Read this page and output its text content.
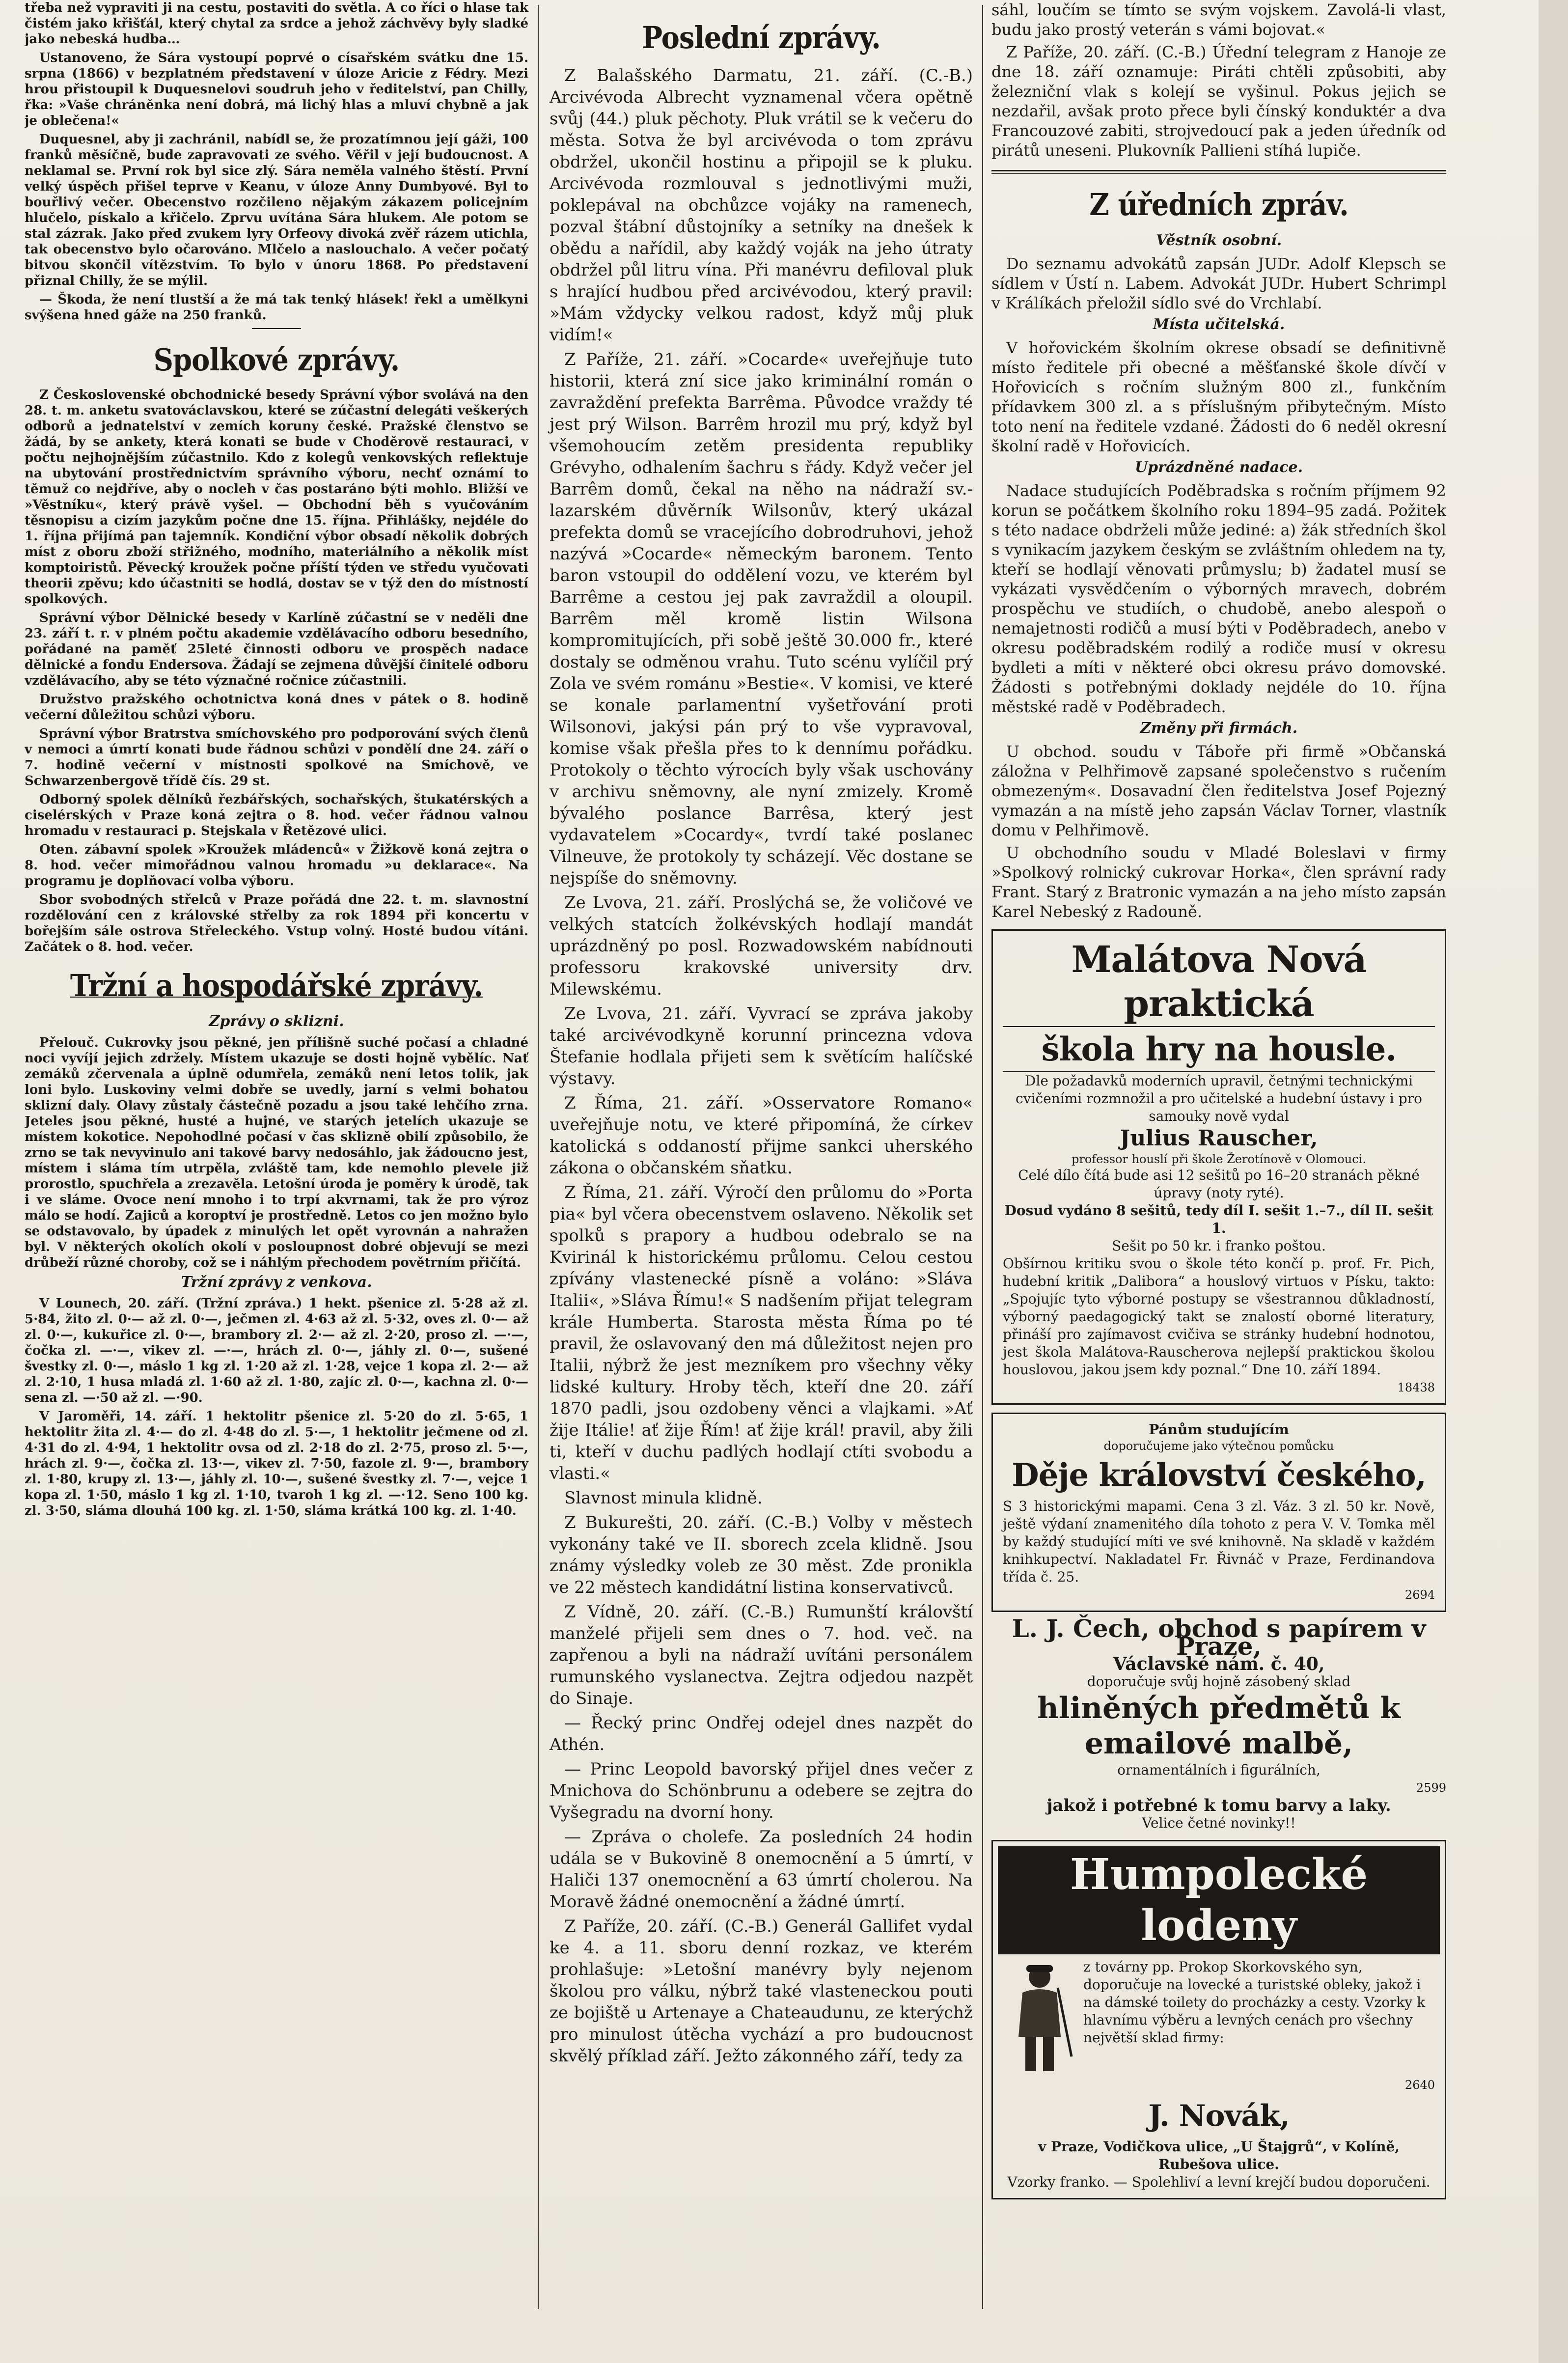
třeba než vypraviti ji na cestu, postaviti do světla. A co říci o hlase tak čistém jako křišťál, který chytal za srdce a jehož záchvěvy byly sladké jako nebeská hudba…

Ustanoveno, že Sára vystoupí poprvé o císařském svátku dne 15. srpna (1866) v bezplatném představení v úloze Aricie z Fédry. Mezi hrou přistoupil k Duquesnelovi soudruh jeho v ředitelství, pan Chilly, řka: »Vaše chráněnka není dobrá, má lichý hlas a mluví chybně a jak je oblečena!«

Duquesnel, aby ji zachránil, nabídl se, že prozatímnou její gáži, 100 franků měsíčně, bude zapravovati ze svého. Věřil v její budoucnost. A neklamal se. První rok byl sice zlý. Sára neměla valného štěstí. První velký úspěch přišel teprve v Keanu, v úloze Anny Dumbyové. Byl to bouřlivý večer. Obecenstvo rozčileno nějakým zákazem policejním hlučelo, pískalo a křičelo. Zprvu uvítána Sára hlukem. Ale potom se stal zázrak. Jako před zvukem lyry Orfeovy divoká zvěř rázem utichla, tak obecenstvo bylo očarováno. Mlčelo a naslouchalo. A večer počatý bitvou skončil vítězstvím. To bylo v únoru 1868. Po představení přiznal Chilly, že se mýlil.

— Škoda, že není tlustší a že má tak tenký hlásek! řekl a umělkyni svýšena hned gáže na 250 franků.

Spolkové zprávy.

Z Československé obchodnické besedy Správní výbor svolává na den 28. t. m. anketu svatováclavskou, které se zúčastní delegáti veškerých odborů a jednatelství v zemích koruny české. Pražské členstvo se žádá, by se ankety, která konati se bude v Choděrově restauraci, v počtu nejhojnějším zúčastnilo. Kdo z kolegů venkovských reflektuje na ubytování prostřednictvím správního výboru, nechť oznámí to těmuž co nejdříve, aby o nocleh v čas postaráno býti mohlo. Bližší ve »Věstníku«, který právě vyšel. — Obchodní běh s vyučováním těsnopisu a cizím jazykům počne dne 15. října. Přihlášky, nejdéle do 1. října přijímá pan tajemník. Kondiční výbor obsadí několik dobrých míst z oboru zboží střižného, modního, materiálního a několik míst komptoiristů. Pěvecký kroužek počne příští týden ve středu vyučovati theorii zpěvu; kdo účastniti se hodlá, dostav se v týž den do místností spolkových.

Správní výbor Dělnické besedy v Karlíně zúčastní se v neděli dne 23. září t. r. v plném počtu akademie vzdělávacího odboru besedního, pořádané na paměť 25leté činnosti odboru ve prospěch nadace dělnické a fondu Endersova. Žádají se zejmena důvější činitelé odboru vzdělávacího, aby se této význačné ročnice zúčastnili.

Družstvo pražského ochotnictva koná dnes v pátek o 8. hodině večerní důležitou schůzi výboru.

Správní výbor Bratrstva smíchovského pro podporování svých členů v nemoci a úmrtí konati bude řádnou schůzi v pondělí dne 24. září o 7. hodině večerní v místnosti spolkové na Smíchově, ve Schwarzenbergově třídě čís. 29 st.

Odborný spolek dělníků řezbářských, sochařských, štukatérských a ciselérských v Praze koná zejtra o 8. hod. večer řádnou valnou hromadu v restauraci p. Stejskala v Řetězové ulici.

Oten. zábavní spolek »Kroužek mládenců« v Žižkově koná zejtra o 8. hod. večer mimořádnou valnou hromadu »u deklarace«. Na programu je doplňovací volba výboru.

Sbor svobodných střelců v Praze pořádá dne 22. t. m. slavnostní rozdělování cen z královské střelby za rok 1894 při koncertu v bořejším sále ostrova Střeleckého. Vstup volný. Hosté budou vítáni. Začátek o 8. hod. večer.

Tržní a hospodářské zprávy.
Zprávy o sklizni.

Přelouč. Cukrovky jsou pěkné, jen přílišně suché počasí a chladné noci vyvíjí jejich zdržely. Místem ukazuje se dosti hojně vybělíc. Nať zemáků zčervenala a úplně odumřela, zemáků není letos tolik, jak loni bylo. Luskoviny velmi dobře se uvedly, jarní s velmi bohatou sklizní daly. Olavy zůstaly částečně pozadu a jsou také lehčího zrna. Jeteles jsou pěkné, husté a hujné, ve starých jetelích ukazuje se místem kokotice. Nepohodlné počasí v čas sklizně obilí způsobilo, že zrno se tak nevyvinulo ani takové barvy nedosáhlo, jak žádoucno jest, místem i sláma tím utrpěla, zvláště tam, kde nemohlo plevele již prorostlo, spuchřela a zrezavěla. Letošní úroda je poměry k úrodě, tak i ve sláme. Ovoce není mnoho i to trpí akvrnami, tak že pro výroz málo se hodí. Zajiců a koroptví je prostředně. Letos co jen možno bylo se odstavovalo, by úpadek z minulých let opět vyrovnán a nahražen byl. V některých okolích okolí v posloupnost dobré objevují se mezi drůbeží různé choroby, což se i náhlým přechodem povětrním přičítá.

Tržní zprávy z venkova.

V Lounech, 20. září. (Tržní zpráva.) 1 hekt. pšenice zl. 5·28 až zl. 5·84, žito zl. 0·— až zl. 0·—, ječmen zl. 4·63 až zl. 5·32, oves zl. 0·— až zl. 0·—, kukuřice zl. 0·—, brambory zl. 2·— až zl. 2·20, proso zl. —·—, čočka zl. —·—, vikev zl. —·—, hrách zl. 0·—, jáhly zl. 0·—, sušené švestky zl. 0·—, máslo 1 kg zl. 1·20 až zl. 1·28, vejce 1 kopa zl. 2·— až zl. 2·10, 1 husa mladá zl. 1·60 až zl. 1·80, zajíc zl. 0·—, kachna zl. 0·— sena zl. —·50 až zl. —·90.

V Jaroměři, 14. září. 1 hektolitr pšenice zl. 5·20 do zl. 5·65, 1 hektolitr žita zl. 4·— do zl. 4·48 do zl. 5·—, 1 hektolitr ječmene od zl. 4·31 do zl. 4·94, 1 hektolitr ovsa od zl. 2·18 do zl. 2·75, proso zl. 5·—, hrách zl. 9·—, čočka zl. 13·—, vikev zl. 7·50, fazole zl. 9·—, brambory zl. 1·80, krupy zl. 13·—, jáhly zl. 10·—, sušené švestky zl. 7·—, vejce 1 kopa zl. 1·50, máslo 1 kg zl. 1·10, tvaroh 1 kg zl. —·12. Seno 100 kg. zl. 3·50, sláma dlouhá 100 kg. zl. 1·50, sláma krátká 100 kg. zl. 1·40.

Poslední zprávy.

Z Balašského Darmatu, 21. září. (C.-B.) Arcivévoda Albrecht vyznamenal včera opětně svůj (44.) pluk pěchoty. Pluk vrátil se k večeru do města. Sotva že byl arcivévoda o tom zprávu obdržel, ukončil hostinu a připojil se k pluku. Arcivévoda rozmlouval s jednotlivými muži, poklepával na obchůzce vojáky na ramenech, pozval štábní důstojníky a setníky na dnešek k obědu a nařídil, aby každý voják na jeho útraty obdržel půl litru vína. Při manévru defiloval pluk s hrající hudbou před arcivévodou, který pravil: »Mám vždycky velkou radost, když můj pluk vidím!«

Z Paříže, 21. září. »Cocarde« uveřejňuje tuto historii, která zní sice jako kriminální román o zavraždění prefekta Barrêma. Původce vraždy té jest prý Wilson. Barrêm hrozil mu prý, když byl všemohoucím zetěm presidenta republiky Grévyho, odhalením šachru s řády. Když večer jel Barrêm domů, čekal na něho na nádraží sv.-lazarském důvěrník Wilsonův, který ukázal prefekta domů se vracejícího dobrodruhovi, jehož nazývá »Cocarde« německým baronem. Tento baron vstoupil do oddělení vozu, ve kterém byl Barrême a cestou jej pak zavraždil a oloupil. Barrêm měl kromě listin Wilsona kompromitujících, při sobě ještě 30.000 fr., které dostaly se odměnou vrahu. Tuto scénu vylíčil prý Zola ve svém románu »Bestie«. V komisi, ve které se konale parlamentní vyšetřování proti Wilsonovi, jakýsi pán prý to vše vypravoval, komise však přešla přes to k dennímu pořádku. Protokoly o těchto výrocích byly však uschovány v archivu sněmovny, ale nyní zmizely. Kromě bývalého poslance Barrêsa, který jest vydavatelem »Cocardy«, tvrdí také poslanec Vilneuve, že protokoly ty scházejí. Věc dostane se nejspíše do sněmovny.

Ze Lvova, 21. září. Proslýchá se, že voličové ve velkých statcích žolkévských hodlají mandát uprázdněný po posl. Rozwadowském nabídnouti professoru krakovské university drv. Milewskému.

Ze Lvova, 21. září. Vyvrací se zpráva jakoby také arcivévodkyně korunní princezna vdova Štefanie hodlala přijeti sem k světícím halíčské výstavy.

Z Říma, 21. září. »Osservatore Romano« uveřejňuje notu, ve které připomíná, že církev katolická s oddaností přijme sankci uherského zákona o občanském sňatku.

Z Říma, 21. září. Výročí den průlomu do »Porta pia« byl včera obecenstvem oslaveno. Několik set spolků s prapory a hudbou odebralo se na Kvirinál k historickému průlomu. Celou cestou zpívány vlastenecké písně a voláno: »Sláva Italii«, »Sláva Římu!« S nadšením přijat telegram krále Humberta. Starosta města Říma po té pravil, že oslavovaný den má důležitost nejen pro Italii, nýbrž že jest mezníkem pro všechny věky lidské kultury. Hroby těch, kteří dne 20. září 1870 padli, jsou ozdobeny věnci a vlajkami. »Ať žije Itálie! ať žije Řím! ať žije král! pravil, aby žili ti, kteří v duchu padlých hodlají ctíti svobodu a vlasti.«

Slavnost minula klidně.

Z Bukurešti, 20. září. (C.-B.) Volby v městech vykonány také ve II. sborech zcela klidně. Jsou známy výsledky voleb ze 30 měst. Zde pronikla ve 22 městech kandidátní listina konservativců.

Z Vídně, 20. září. (C.-B.) Rumunští královští manželé přijeli sem dnes o 7. hod. več. na zapřenou a byli na nádraží uvítáni personálem rumunského vyslanectva. Zejtra odjedou nazpět do Sinaje.

— Řecký princ Ondřej odejel dnes nazpět do Athén.

— Princ Leopold bavorský přijel dnes večer z Mnichova do Schönbrunu a odebere se zejtra do Vyšegradu na dvorní hony.

— Zpráva o cholefe. Za posledních 24 hodin udála se v Bukovině 8 onemocnění a 5 úmrtí, v Haliči 137 onemocnění a 63 úmrtí cholerou. Na Moravě žádné onemocnění a žádné úmrtí.

Z Paříže, 20. září. (C.-B.) Generál Gallifet vydal ke 4. a 11. sboru denní rozkaz, ve kterém prohlašuje: »Letošní manévry byly nejenom školou pro válku, nýbrž také vlasteneckou pouti ze bojiště u Artenaye a Chateaudunu, ze kterýchž pro minulost útěcha vychází a pro budoucnost skvělý příklad září. Ježto zákonného září, tedy za

sáhl, loučím se tímto se svým vojskem. Zavolá-li vlast, budu jako prostý veterán s vámi bojovat.«

Z Paříže, 20. září. (C.-B.) Úřední telegram z Hanoje ze dne 18. září oznamuje: Piráti chtěli způsobiti, aby železniční vlak s kolejí se vyšinul. Pokus jejich se nezdařil, avšak proto přece byli čínský konduktér a dva Francouzové zabiti, strojvedoucí pak a jeden úředník od pirátů uneseni. Plukovník Pallieni stíhá lupiče.

Z úředních zpráv.
Věstník osobní.

Do seznamu advokátů zapsán JUDr. Adolf Klepsch se sídlem v Ústí n. Labem. Advokát JUDr. Hubert Schrimpl v Králíkách přeložil sídlo své do Vrchlabí.

Místa učitelská.

V hořovickém školním okrese obsadí se definitivně místo ředitele při obecné a měšťanské škole dívčí v Hořovicích s ročním služným 800 zl., funkčním přídavkem 300 zl. a s příslušným přibytečným. Místo toto není na ředitele vzdané. Žádosti do 6 neděl okresní školní radě v Hořovicích.

Uprázdněné nadace.

Nadace studujících Poděbradska s ročním příjmem 92 korun se počátkem školního roku 1894–95 zadá. Požitek s této nadace obdrželi může jediné: a) žák středních škol s vynikacím jazykem českým se zvláštním ohledem na ty, kteří se hodlají věnovati průmyslu; b) žadatel musí se vykázati vysvědčením o výborných mravech, dobrém prospěchu ve studiích, o chudobě, anebo alespoň o nemajetnosti rodičů a musí býti v Poděbradech, anebo v okresu poděbradském rodilý a rodiče musí v okresu bydleti a míti v některé obci okresu právo domovské. Žádosti s potřebnými doklady nejdéle do 10. října městské radě v Poděbradech.

Změny při firmách.

U obchod. soudu v Táboře při firmě »Občanská záložna v Pelhřimově zapsané společenstvo s ručením obmezeným«. Dosavadní člen ředitelstva Josef Pojezný vymazán a na místě jeho zapsán Václav Torner, vlastník domu v Pelhřimově.

U obchodního soudu v Mladé Boleslavi v firmy »Spolkový rolnický cukrovar Horka«, člen správní rady Frant. Starý z Bratronic vymazán a na jeho místo zapsán Karel Nebeský z Radouně.

Malátova Nová praktická
škola hry na housle.
Dle požadavků moderních upravil, četnými technickými cvičeními rozmnožil a pro učitelské a hudební ústavy i pro samouky nově vydal
Julius Rauscher,
professor houslí při škole Žerotínově v Olomouci.
Celé dílo čítá bude asi 12 sešitů po 16–20 stranách pěkné úpravy (noty ryté).
Dosud vydáno 8 sešitů, tedy díl I. sešit 1.–7., díl II. sešit 1.
Sešit po 50 kr. i franko poštou.
Obšírnou kritiku svou o škole této končí p. prof. Fr. Pich, hudební kritik „Dalibora“ a houslový virtuos v Písku, takto: „Spojujíc tyto výborné postupy se všestrannou důkladností, výborný paedagogický takt se znalostí oborné literatury, přináší pro zajímavost cvičiva se stránky hudební hodnotou, jest škola Malátova-Rauscherova nejlepší praktickou školou houslovou, jakou jsem kdy poznal.“ Dne 10. září 1894.
18438
Pánům studujícím
doporučujeme jako výtečnou pomůcku
Děje království českého,
S 3 historickými mapami. Cena 3 zl. Váz. 3 zl. 50 kr. Nově, ještě výdaní znamenitého díla tohoto z pera V. V. Tomka měl by každý studující míti ve své knihovně. Na skladě v každém knihkupectví. Nakladatel Fr. Řivnáč v Praze, Ferdinandova třída č. 25.
2694
L. J. Čech, obchod s papírem v Praze,
Václavské nám. č. 40,
doporučuje svůj hojně zásobený sklad
hliněných předmětů k emailové malbě,
ornamentálních i figurálních,
2599
jakož i potřebné k tomu barvy a laky.
Velice četné novinky!!
Humpolecké lodeny
z továrny pp. Prokop Skorkovského syn, doporučuje na lovecké a turistské obleky, jakož i na dámské toilety do procházky a cesty. Vzorky k hlavnímu výběru a levných cenách pro všechny největší sklad firmy:
2640
J. Novák,
v Praze, Vodičkova ulice, „U Štajgrů“, v Kolíně, Rubešova ulice.
Vzorky franko. — Spolehliví a levní krejčí budou doporučeni.
